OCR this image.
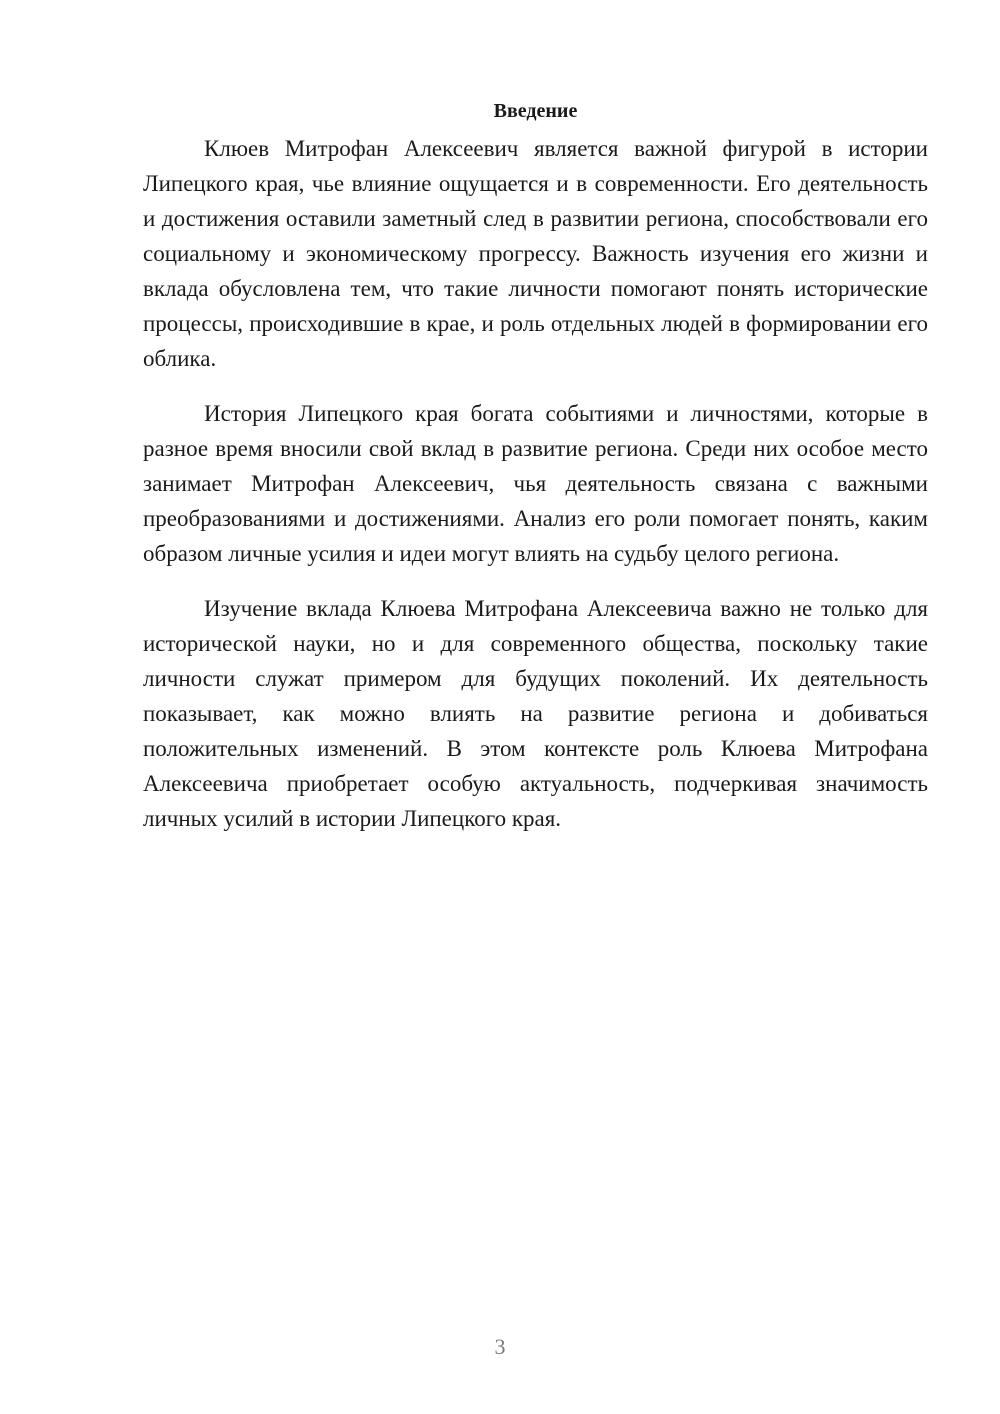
Введение

Клюев Митрофан Алексеевич является важной фигурой в истории Липецкого края, чье влияние ощущается и в современности. Его деятельность и достижения оставили заметный след в развитии региона, способствовали его социальному и экономическому прогрессу. Важность изучения его жизни и вклада обусловлена тем, что такие личности помогают понять исторические процессы, происходившие в крае, и роль отдельных людей в формировании его облика.

История Липецкого края богата событиями и личностями, которые в разное время вносили свой вклад в развитие региона. Среди них особое место занимает Митрофан Алексеевич, чья деятельность связана с важными преобразованиями и достижениями. Анализ его роли помогает понять, каким образом личные усилия и идеи могут влиять на судьбу целого региона.

Изучение вклада Клюева Митрофана Алексеевича важно не только для исторической науки, но и для современного общества, поскольку такие личности служат примером для будущих поколений. Их деятельность показывает, как можно влиять на развитие региона и добиваться положительных изменений. В этом контексте роль Клюева Митрофана Алексеевича приобретает особую актуальность, подчеркивая значимость личных усилий в истории Липецкого края.

3
